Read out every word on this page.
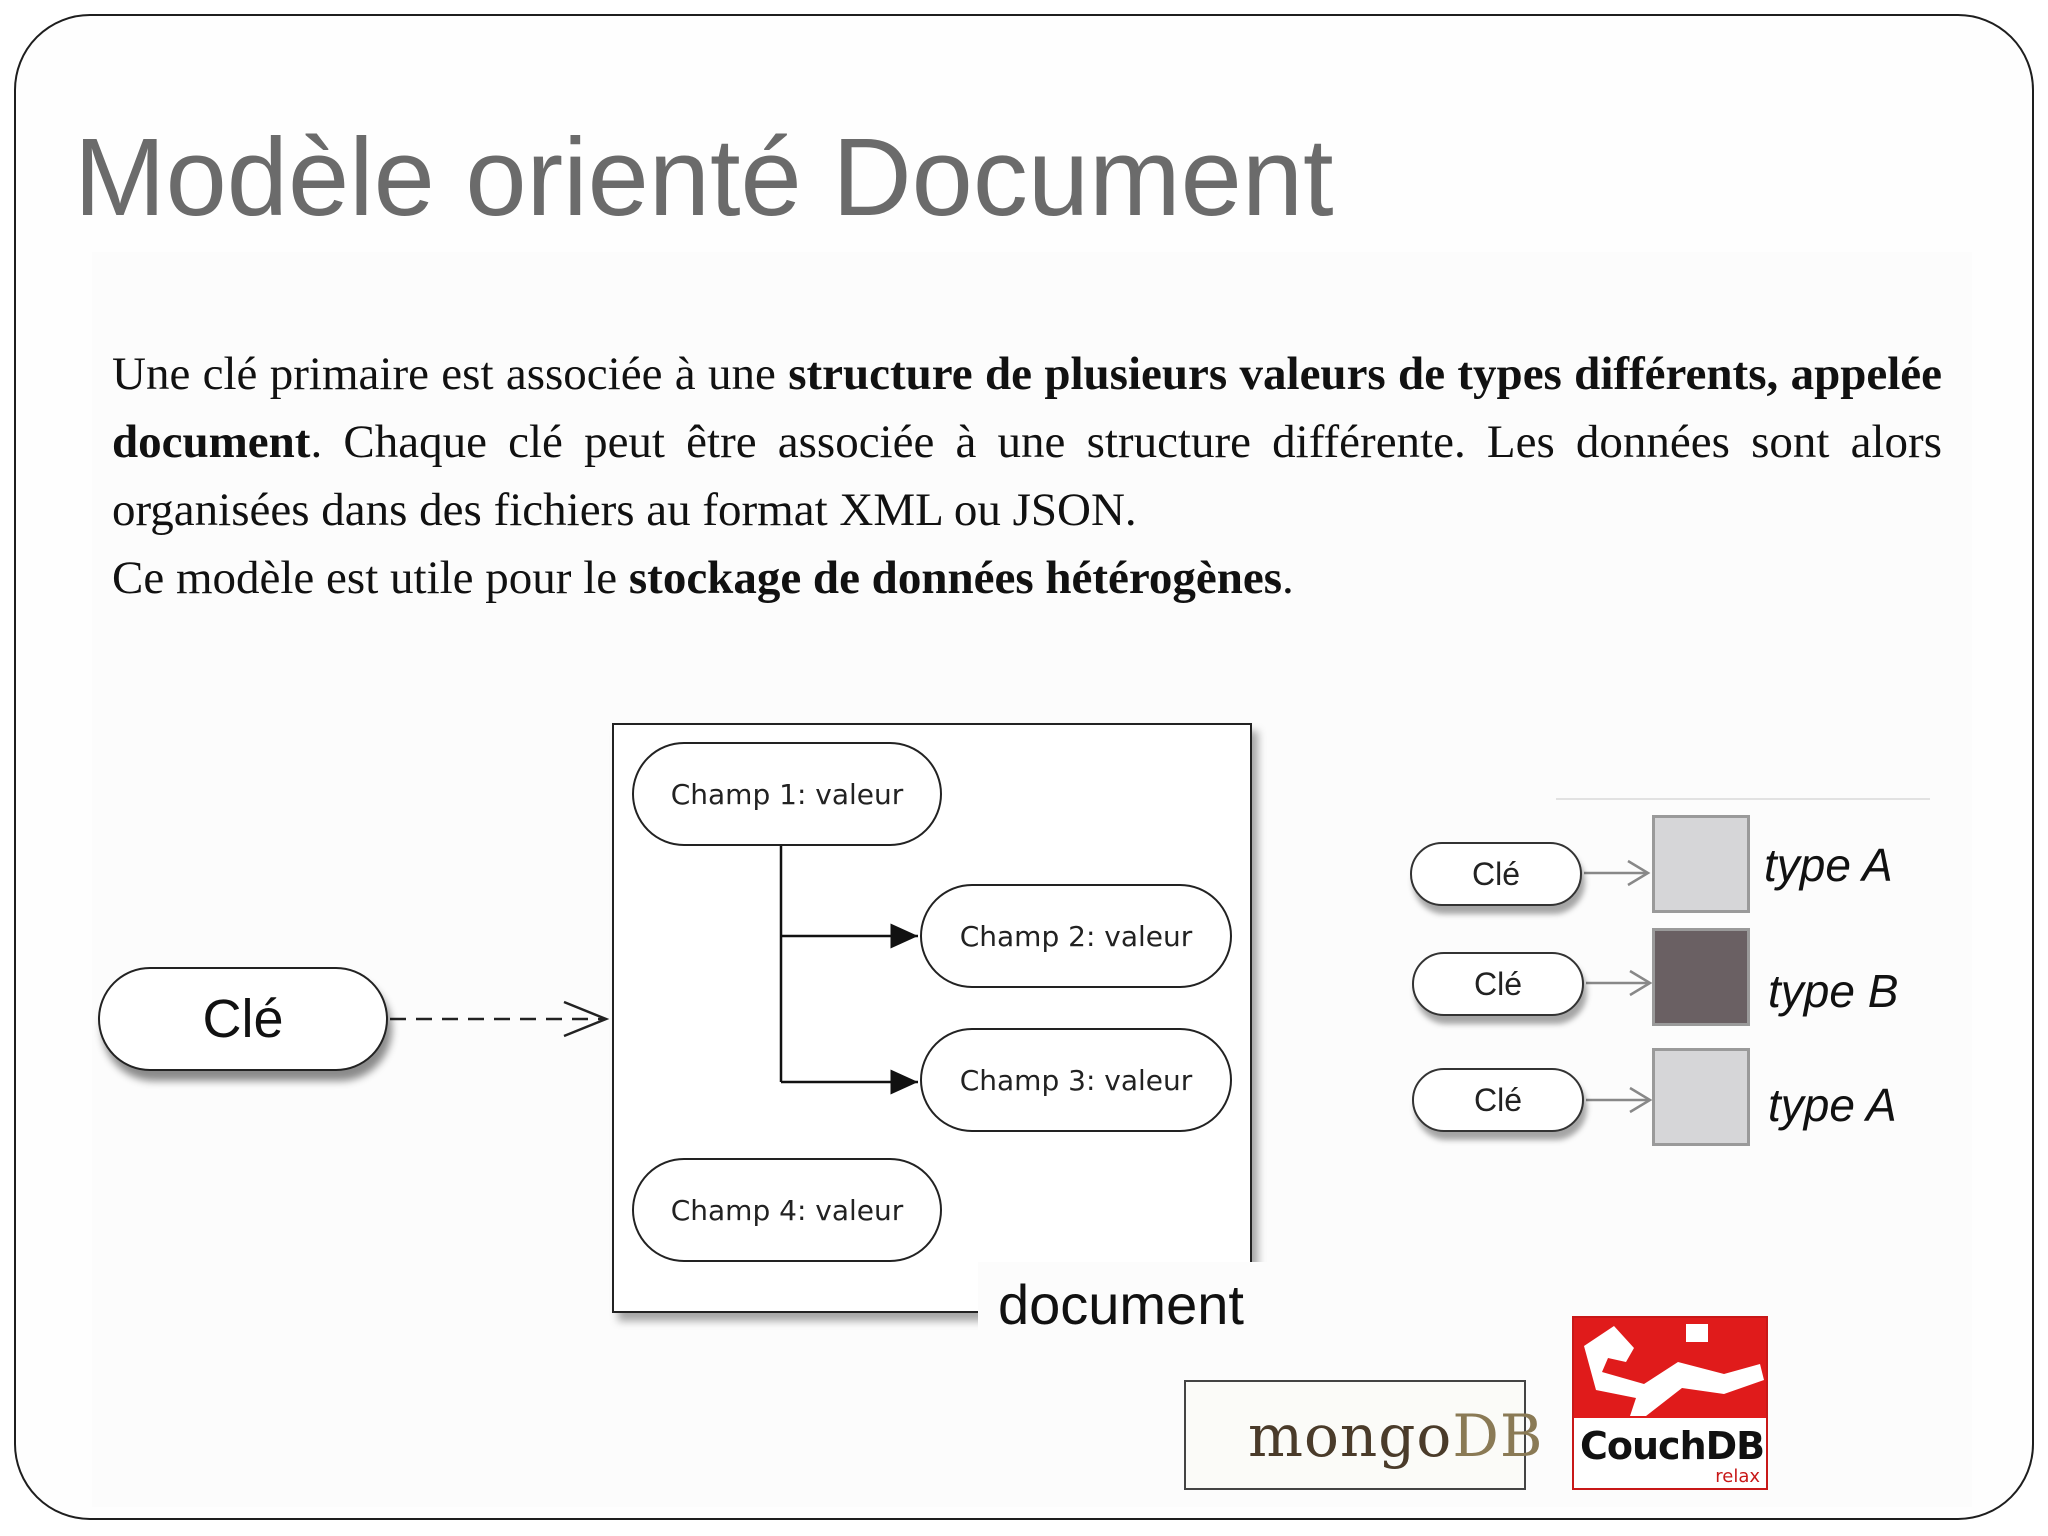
Modèle orienté Document
Une clé primaire est associée à une structure de plusieurs valeurs de types différents, appelée document. Chaque clé peut être associée à une structure différente. Les données sont alors organisées dans des fichiers au format XML ou JSON.
Ce modèle est utile pour le stockage de données hétérogènes.
document
Champ 1: valeur
Champ 2: valeur
Champ 3: valeur
Champ 4: valeur
Clé
Clé	type A
Clé	type B
Clé	type A
mongoDB CouchDB
relax
